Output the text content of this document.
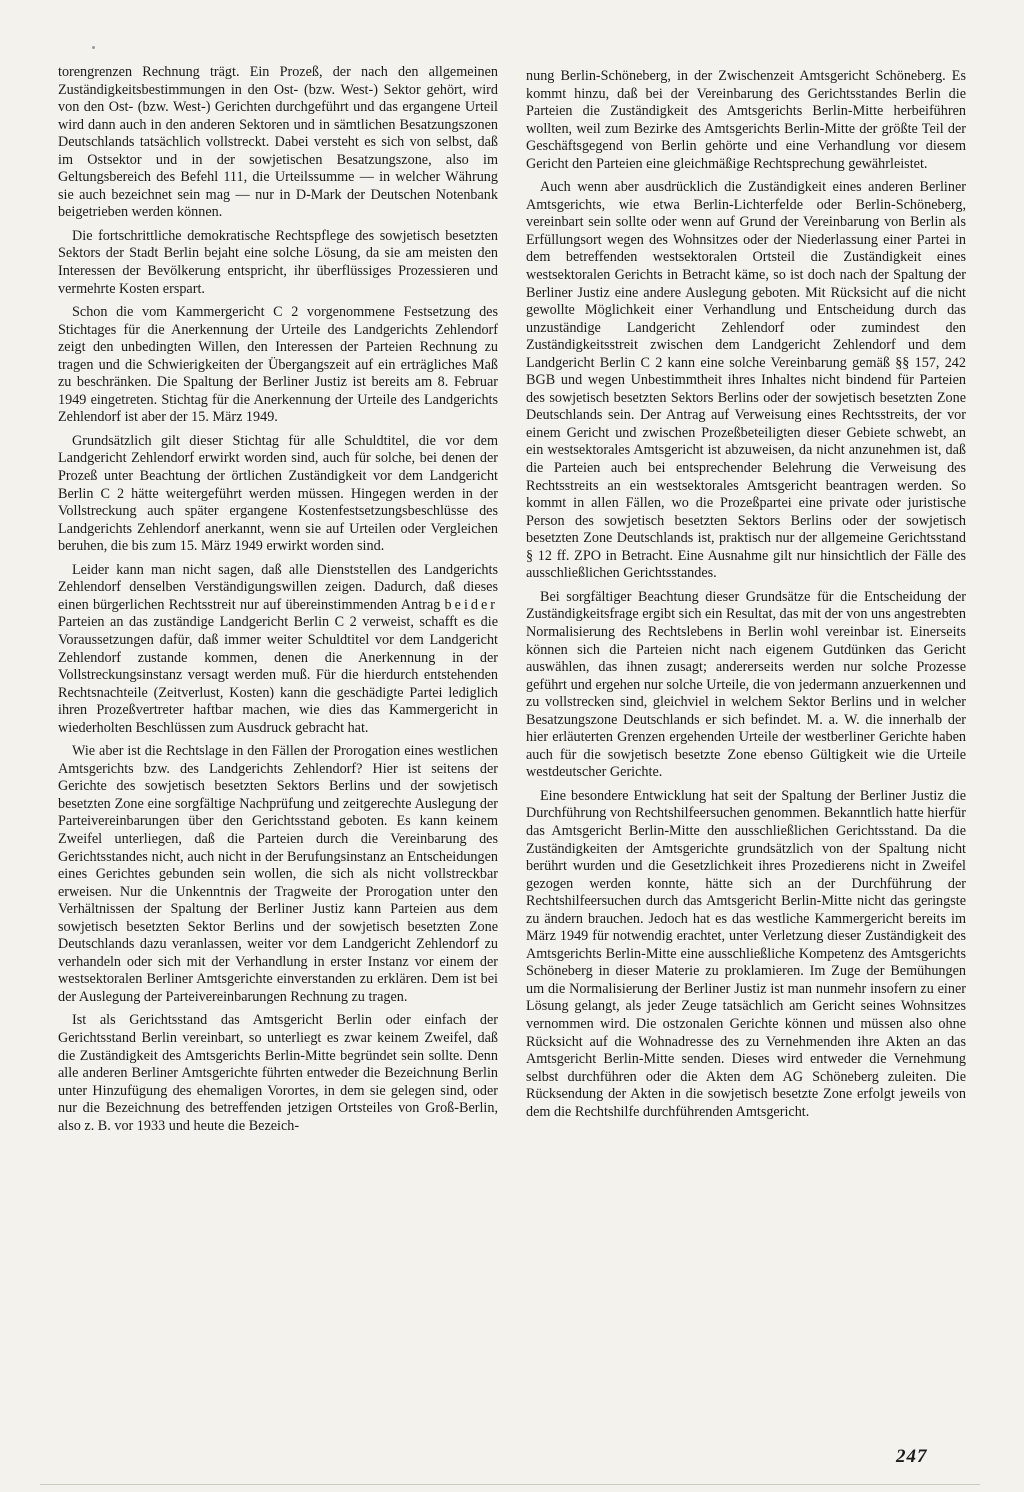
torengrenzen Rechnung trägt. Ein Prozeß, der nach den allgemeinen Zuständigkeitsbestimmungen in den Ost- (bzw. West-) Sektor gehört, wird von den Ost- (bzw. West-) Gerichten durchgeführt und das ergangene Urteil wird dann auch in den anderen Sektoren und in sämtlichen Besatzungszonen Deutschlands tatsächlich vollstreckt. Dabei versteht es sich von selbst, daß im Ostsektor und in der sowjetischen Besatzungszone, also im Geltungsbereich des Befehl 111, die Urteilssumme — in welcher Währung sie auch bezeichnet sein mag — nur in D-Mark der Deutschen Notenbank beigetrieben werden können.

Die fortschrittliche demokratische Rechtspflege des sowjetisch besetzten Sektors der Stadt Berlin bejaht eine solche Lösung, da sie am meisten den Interessen der Bevölkerung entspricht, ihr überflüssiges Prozessieren und vermehrte Kosten erspart.

Schon die vom Kammergericht C 2 vorgenommene Festsetzung des Stichtages für die Anerkennung der Urteile des Landgerichts Zehlendorf zeigt den unbedingten Willen, den Interessen der Parteien Rechnung zu tragen und die Schwierigkeiten der Übergangszeit auf ein erträgliches Maß zu beschränken. Die Spaltung der Berliner Justiz ist bereits am 8. Februar 1949 eingetreten. Stichtag für die Anerkennung der Urteile des Landgerichts Zehlendorf ist aber der 15. März 1949.

Grundsätzlich gilt dieser Stichtag für alle Schuldtitel, die vor dem Landgericht Zehlendorf erwirkt worden sind, auch für solche, bei denen der Prozeß unter Beachtung der örtlichen Zuständigkeit vor dem Landgericht Berlin C 2 hätte weitergeführt werden müssen. Hingegen werden in der Vollstreckung auch später ergangene Kostenfestsetzungsbeschlüsse des Landgerichts Zehlendorf anerkannt, wenn sie auf Urteilen oder Vergleichen beruhen, die bis zum 15. März 1949 erwirkt worden sind.

Leider kann man nicht sagen, daß alle Dienststellen des Landgerichts Zehlendorf denselben Verständigungswillen zeigen. Dadurch, daß dieses einen bürgerlichen Rechtsstreit nur auf übereinstimmenden Antrag beider Parteien an das zuständige Landgericht Berlin C 2 verweist, schafft es die Voraussetzungen dafür, daß immer weiter Schuldtitel vor dem Landgericht Zehlendorf zustande kommen, denen die Anerkennung in der Vollstreckungsinstanz versagt werden muß. Für die hierdurch entstehenden Rechtsnachteile (Zeitverlust, Kosten) kann die geschädigte Partei lediglich ihren Prozeßvertreter haftbar machen, wie dies das Kammergericht in wiederholten Beschlüssen zum Ausdruck gebracht hat.

Wie aber ist die Rechtslage in den Fällen der Prorogation eines westlichen Amtsgerichts bzw. des Landgerichts Zehlendorf? Hier ist seitens der Gerichte des sowjetisch besetzten Sektors Berlins und der sowjetisch besetzten Zone eine sorgfältige Nachprüfung und zeitgerechte Auslegung der Parteivereinbarungen über den Gerichtsstand geboten. Es kann keinem Zweifel unterliegen, daß die Parteien durch die Vereinbarung des Gerichtsstandes nicht, auch nicht in der Berufungsinstanz an Entscheidungen eines Gerichtes gebunden sein wollen, die sich als nicht vollstreckbar erweisen. Nur die Unkenntnis der Tragweite der Prorogation unter den Verhältnissen der Spaltung der Berliner Justiz kann Parteien aus dem sowjetisch besetzten Sektor Berlins und der sowjetisch besetzten Zone Deutschlands dazu veranlassen, weiter vor dem Landgericht Zehlendorf zu verhandeln oder sich mit der Verhandlung in erster Instanz vor einem der westsektoralen Berliner Amtsgerichte einverstanden zu erklären. Dem ist bei der Auslegung der Parteivereinbarungen Rechnung zu tragen.

Ist als Gerichtsstand das Amtsgericht Berlin oder einfach der Gerichtsstand Berlin vereinbart, so unterliegt es zwar keinem Zweifel, daß die Zuständigkeit des Amtsgerichts Berlin-Mitte begründet sein sollte. Denn alle anderen Berliner Amtsgerichte führten entweder die Bezeichnung Berlin unter Hinzufügung des ehemaligen Vorortes, in dem sie gelegen sind, oder nur die Bezeichnung des betreffenden jetzigen Ortsteiles von Groß-Berlin, also z. B. vor 1933 und heute die Bezeich-

nung Berlin-Schöneberg, in der Zwischenzeit Amtsgericht Schöneberg. Es kommt hinzu, daß bei der Vereinbarung des Gerichtsstandes Berlin die Parteien die Zuständigkeit des Amtsgerichts Berlin-Mitte herbeiführen wollten, weil zum Bezirke des Amtsgerichts Berlin-Mitte der größte Teil der Geschäftsgegend von Berlin gehörte und eine Verhandlung vor diesem Gericht den Parteien eine gleichmäßige Rechtsprechung gewährleistet.

Auch wenn aber ausdrücklich die Zuständigkeit eines anderen Berliner Amtsgerichts, wie etwa Berlin-Lichterfelde oder Berlin-Schöneberg, vereinbart sein sollte oder wenn auf Grund der Vereinbarung von Berlin als Erfüllungsort wegen des Wohnsitzes oder der Niederlassung einer Partei in dem betreffenden westsektoralen Ortsteil die Zuständigkeit eines westsektoralen Gerichts in Betracht käme, so ist doch nach der Spaltung der Berliner Justiz eine andere Auslegung geboten. Mit Rücksicht auf die nicht gewollte Möglichkeit einer Verhandlung und Entscheidung durch das unzuständige Landgericht Zehlendorf oder zumindest den Zuständigkeitsstreit zwischen dem Landgericht Zehlendorf und dem Landgericht Berlin C 2 kann eine solche Vereinbarung gemäß §§ 157, 242 BGB und wegen Unbestimmtheit ihres Inhaltes nicht bindend für Parteien des sowjetisch besetzten Sektors Berlins oder der sowjetisch besetzten Zone Deutschlands sein. Der Antrag auf Verweisung eines Rechtsstreits, der vor einem Gericht und zwischen Prozeßbeteiligten dieser Gebiete schwebt, an ein westsektorales Amtsgericht ist abzuweisen, da nicht anzunehmen ist, daß die Parteien auch bei entsprechender Belehrung die Verweisung des Rechtsstreits an ein westsektorales Amtsgericht beantragen werden. So kommt in allen Fällen, wo die Prozeßpartei eine private oder juristische Person des sowjetisch besetzten Sektors Berlins oder der sowjetisch besetzten Zone Deutschlands ist, praktisch nur der allgemeine Gerichtsstand § 12 ff. ZPO in Betracht. Eine Ausnahme gilt nur hinsichtlich der Fälle des ausschließlichen Gerichtsstandes.

Bei sorgfältiger Beachtung dieser Grundsätze für die Entscheidung der Zuständigkeitsfrage ergibt sich ein Resultat, das mit der von uns angestrebten Normalisierung des Rechtslebens in Berlin wohl vereinbar ist. Einerseits können sich die Parteien nicht nach eigenem Gutdünken das Gericht auswählen, das ihnen zusagt; andererseits werden nur solche Prozesse geführt und ergehen nur solche Urteile, die von jedermann anzuerkennen und zu vollstrecken sind, gleichviel in welchem Sektor Berlins und in welcher Besatzungszone Deutschlands er sich befindet. M. a. W. die innerhalb der hier erläuterten Grenzen ergehenden Urteile der westberliner Gerichte haben auch für die sowjetisch besetzte Zone ebenso Gültigkeit wie die Urteile westdeutscher Gerichte.

Eine besondere Entwicklung hat seit der Spaltung der Berliner Justiz die Durchführung von Rechtshilfeersuchen genommen. Bekanntlich hatte hierfür das Amtsgericht Berlin-Mitte den ausschließlichen Gerichtsstand. Da die Zuständigkeiten der Amtsgerichte grundsätzlich von der Spaltung nicht berührt wurden und die Gesetzlichkeit ihres Prozedierens nicht in Zweifel gezogen werden konnte, hätte sich an der Durchführung der Rechtshilfeersuchen durch das Amtsgericht Berlin-Mitte nicht das geringste zu ändern brauchen. Jedoch hat es das westliche Kammergericht bereits im März 1949 für notwendig erachtet, unter Verletzung dieser Zuständigkeit des Amtsgerichts Berlin-Mitte eine ausschließliche Kompetenz des Amtsgerichts Schöneberg in dieser Materie zu proklamieren. Im Zuge der Bemühungen um die Normalisierung der Berliner Justiz ist man nunmehr insofern zu einer Lösung gelangt, als jeder Zeuge tatsächlich am Gericht seines Wohnsitzes vernommen wird. Die ostzonalen Gerichte können und müssen also ohne Rücksicht auf die Wohnadresse des zu Vernehmenden ihre Akten an das Amtsgericht Berlin-Mitte senden. Dieses wird entweder die Vernehmung selbst durchführen oder die Akten dem AG Schöneberg zuleiten. Die Rücksendung der Akten in die sowjetisch besetzte Zone erfolgt jeweils von dem die Rechtshilfe durchführenden Amtsgericht.

247
